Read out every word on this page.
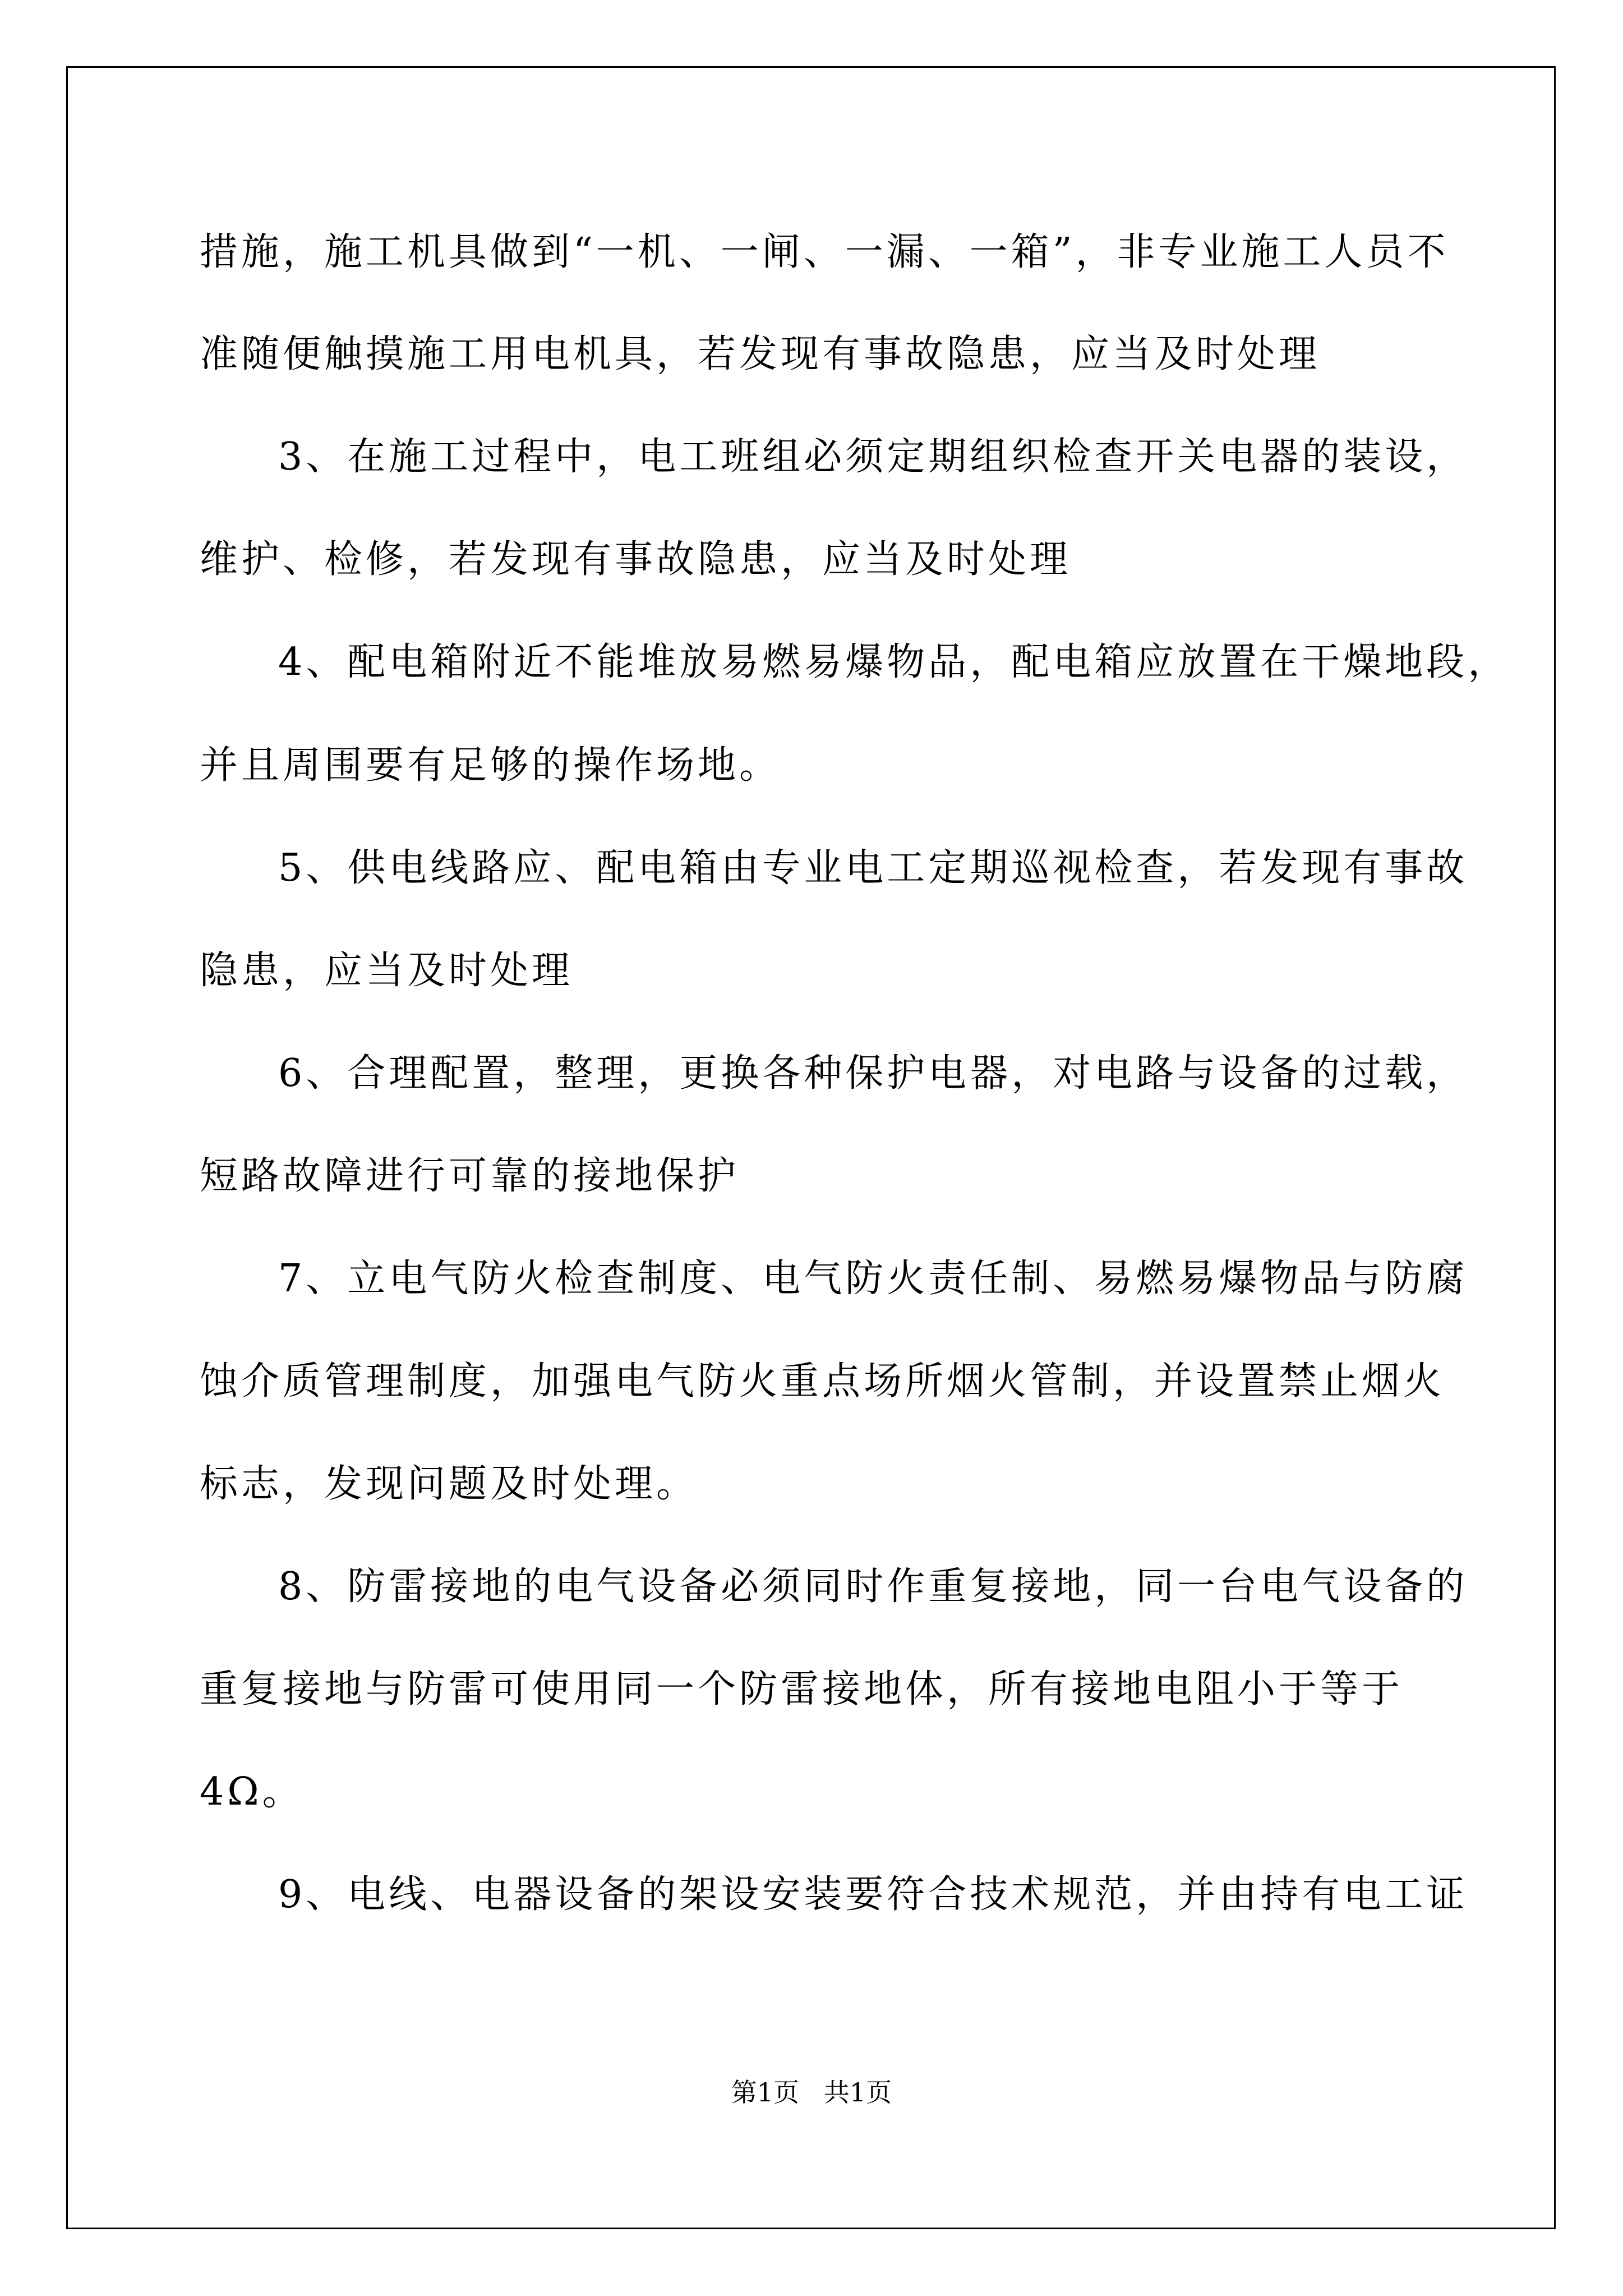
措施，施工机具做到“一机、一闸、一漏、一箱”，非专业施工人员不
准随便触摸施工用电机具，若发现有事故隐患，应当及时处理
3、在施工过程中，电工班组必须定期组织检查开关电器的装设，
维护、检修，若发现有事故隐患，应当及时处理
4、配电箱附近不能堆放易燃易爆物品，配电箱应放置在干燥地段，
并且周围要有足够的操作场地。
5、供电线路应、配电箱由专业电工定期巡视检查，若发现有事故
隐患，应当及时处理
6、合理配置，整理，更换各种保护电器，对电路与设备的过载，
短路故障进行可靠的接地保护
7、立电气防火检查制度、电气防火责任制、易燃易爆物品与防腐
蚀介质管理制度，加强电气防火重点场所烟火管制，并设置禁止烟火
标志，发现问题及时处理。
8、防雷接地的电气设备必须同时作重复接地，同一台电气设备的
重复接地与防雷可使用同一个防雷接地体，所有接地电阻小于等于
4Ω。
9、电线、电器设备的架设安装要符合技术规范，并由持有电工证
第1页   共1页
